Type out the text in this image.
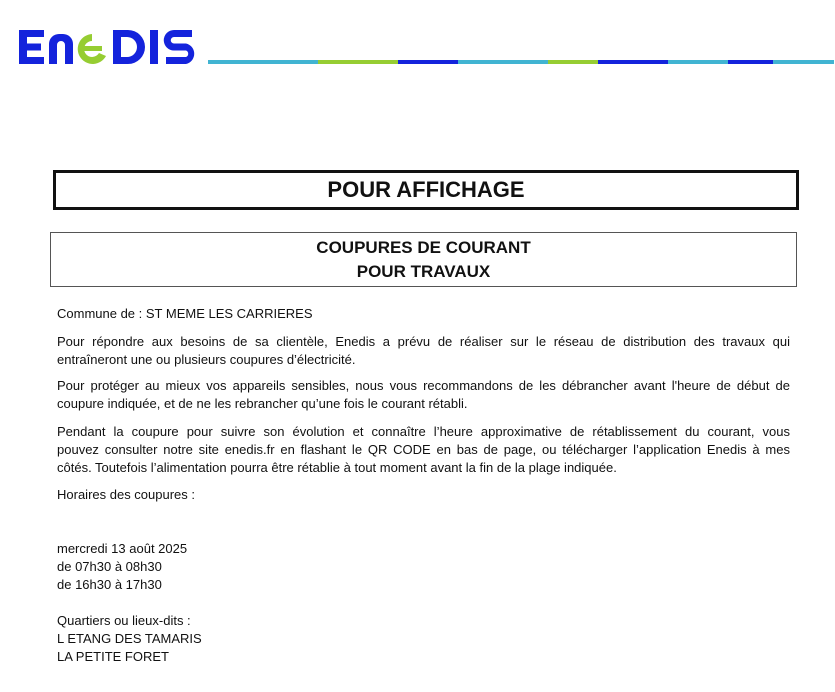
POUR AFFICHAGE
COUPURES DE COURANT
POUR TRAVAUX
Commune de : ST MEME LES CARRIERES
Pour répondre aux besoins de sa clientèle, Enedis a prévu de réaliser sur le réseau de distribution des travaux qui
entraîneront une ou plusieurs coupures d’électricité.
Pour protéger au mieux vos appareils sensibles, nous vous recommandons de les débrancher avant l'heure de début de
coupure indiquée, et de ne les rebrancher qu’une fois le courant rétabli.
Pendant la coupure pour suivre son évolution et connaître l’heure approximative de rétablissement du courant, vous
pouvez consulter notre site enedis.fr en flashant le QR CODE en bas de page, ou télécharger l’application Enedis à mes
côtés. Toutefois l’alimentation pourra être rétablie à tout moment avant la fin de la plage indiquée.
Horaires des coupures :
mercredi 13 août 2025
de 07h30 à 08h30
de 16h30 à 17h30
Quartiers ou lieux-dits :
L ETANG DES TAMARIS
LA PETITE FORET
